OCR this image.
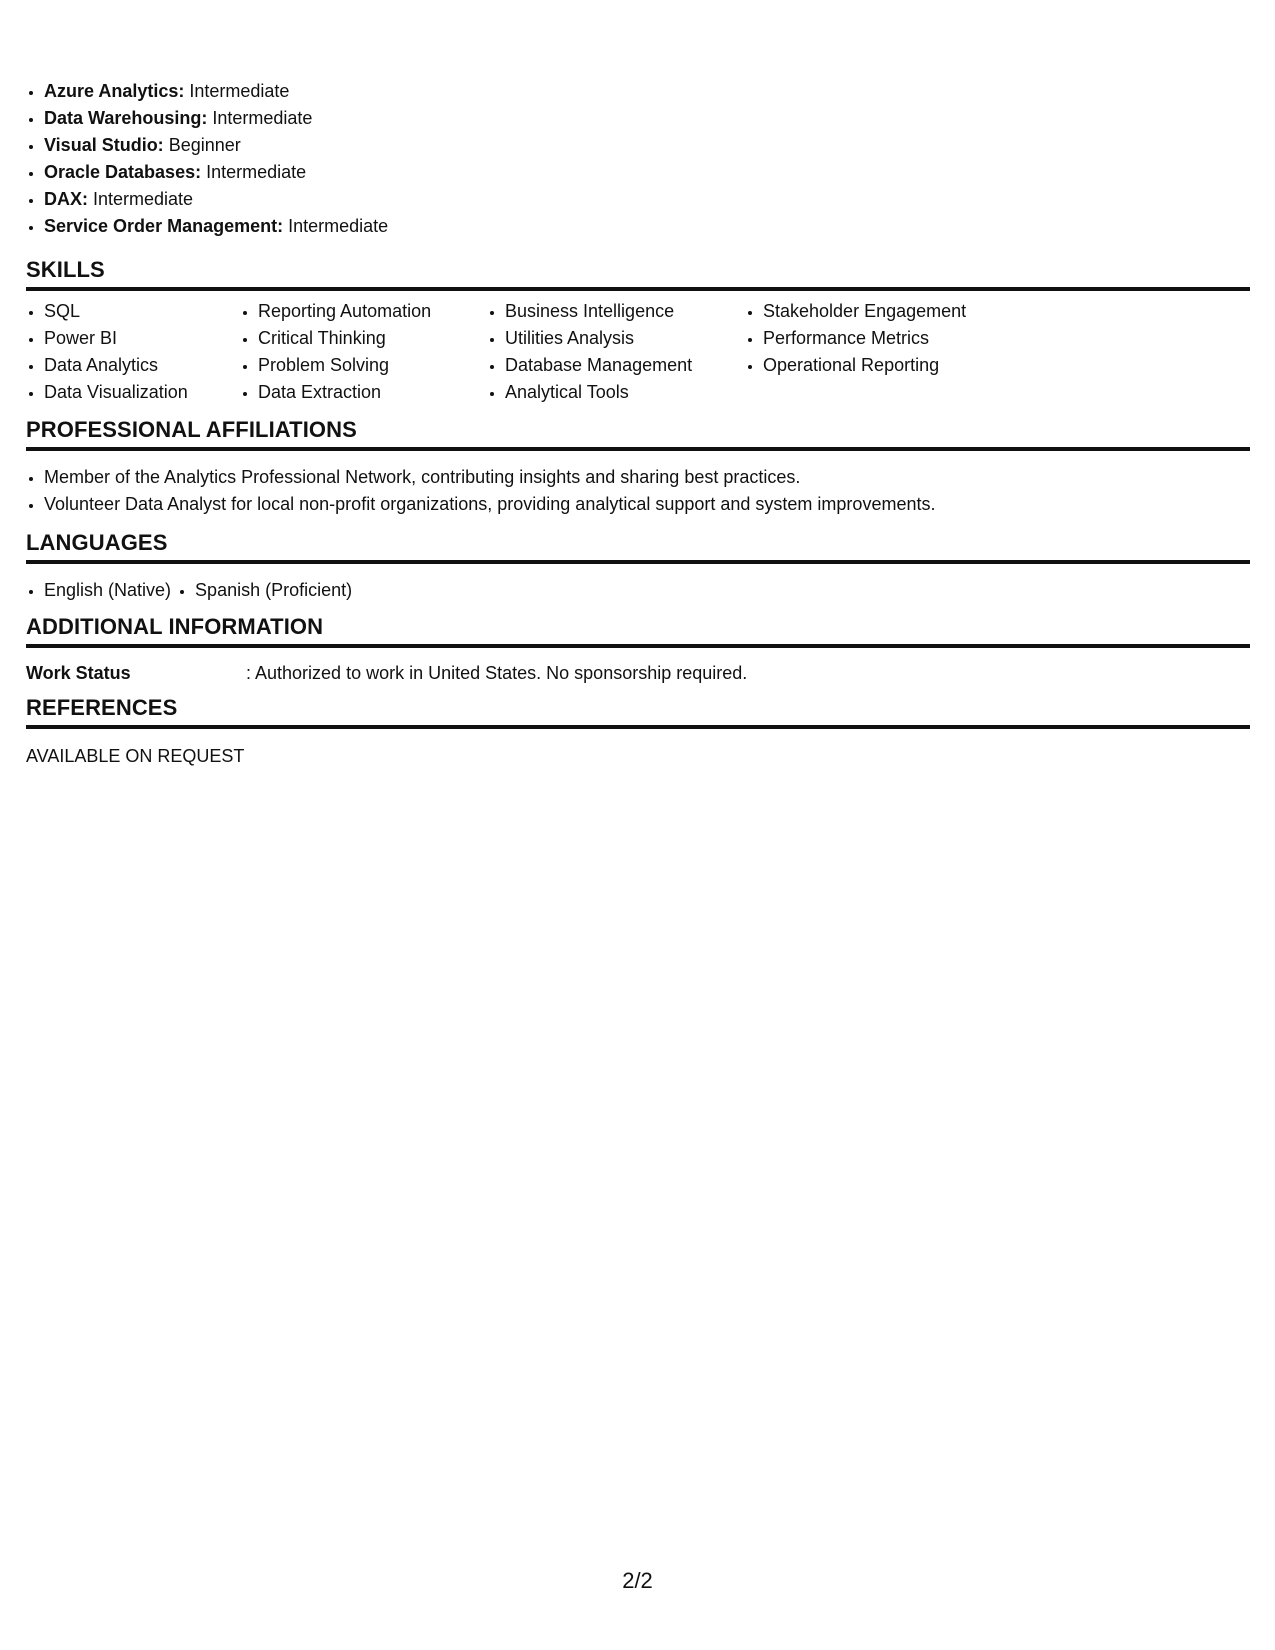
• Azure Analytics: Intermediate
• Data Warehousing: Intermediate
• Visual Studio: Beginner
• Oracle Databases: Intermediate
• DAX: Intermediate
• Service Order Management: Intermediate
SKILLS
• SQL
• Power BI
• Data Analytics
• Data Visualization
• Reporting Automation
• Critical Thinking
• Problem Solving
• Data Extraction
• Business Intelligence
• Utilities Analysis
• Database Management
• Analytical Tools
• Stakeholder Engagement
• Performance Metrics
• Operational Reporting
PROFESSIONAL AFFILIATIONS
• Member of the Analytics Professional Network, contributing insights and sharing best practices.
• Volunteer Data Analyst for local non-profit organizations, providing analytical support and system improvements.
LANGUAGES
• English (Native)
• Spanish (Proficient)
ADDITIONAL INFORMATION
Work Status	: Authorized to work in United States. No sponsorship required.
REFERENCES
AVAILABLE ON REQUEST
2/2
